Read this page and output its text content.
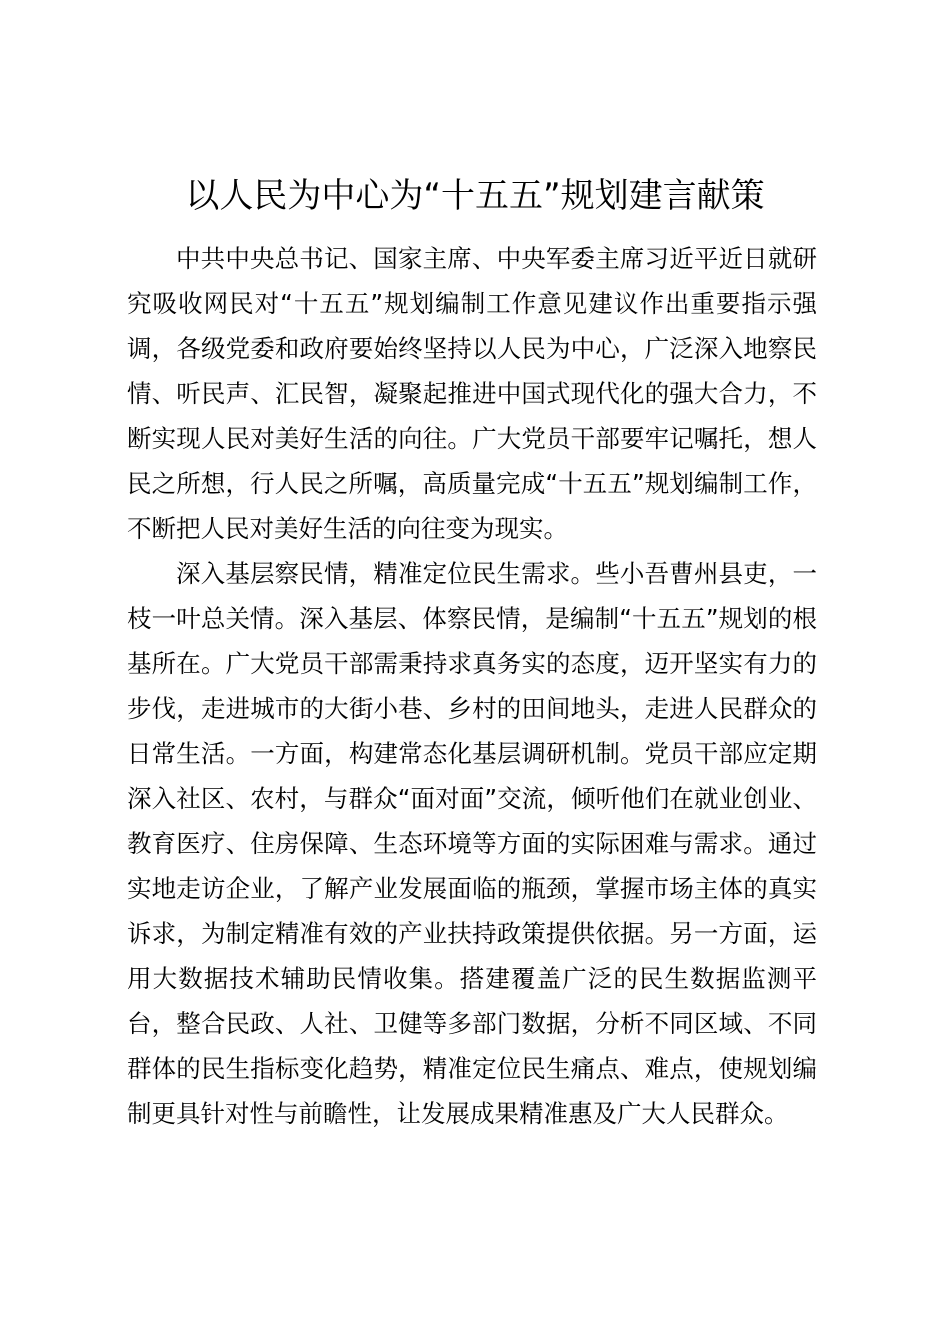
以人民为中心为“十五五”规划建言献策

中共中央总书记、国家主席、中央军委主席习近平近日就研究吸收网民对“十五五”规划编制工作意见建议作出重要指示强调，各级党委和政府要始终坚持以人民为中心，广泛深入地察民情、听民声、汇民智，凝聚起推进中国式现代化的强大合力，不断实现人民对美好生活的向往。广大党员干部要牢记嘱托，想人民之所想，行人民之所嘱，高质量完成“十五五”规划编制工作，不断把人民对美好生活的向往变为现实。

深入基层察民情，精准定位民生需求。些小吾曹州县吏，一枝一叶总关情。深入基层、体察民情，是编制“十五五”规划的根基所在。广大党员干部需秉持求真务实的态度，迈开坚实有力的步伐，走进城市的大街小巷、乡村的田间地头，走进人民群众的日常生活。一方面，构建常态化基层调研机制。党员干部应定期深入社区、农村，与群众“面对面”交流，倾听他们在就业创业、教育医疗、住房保障、生态环境等方面的实际困难与需求。通过实地走访企业，了解产业发展面临的瓶颈，掌握市场主体的真实诉求，为制定精准有效的产业扶持政策提供依据。另一方面，运用大数据技术辅助民情收集。搭建覆盖广泛的民生数据监测平台，整合民政、人社、卫健等多部门数据，分析不同区域、不同群体的民生指标变化趋势，精准定位民生痛点、难点，使规划编制更具针对性与前瞻性，让发展成果精准惠及广大人民群众。
